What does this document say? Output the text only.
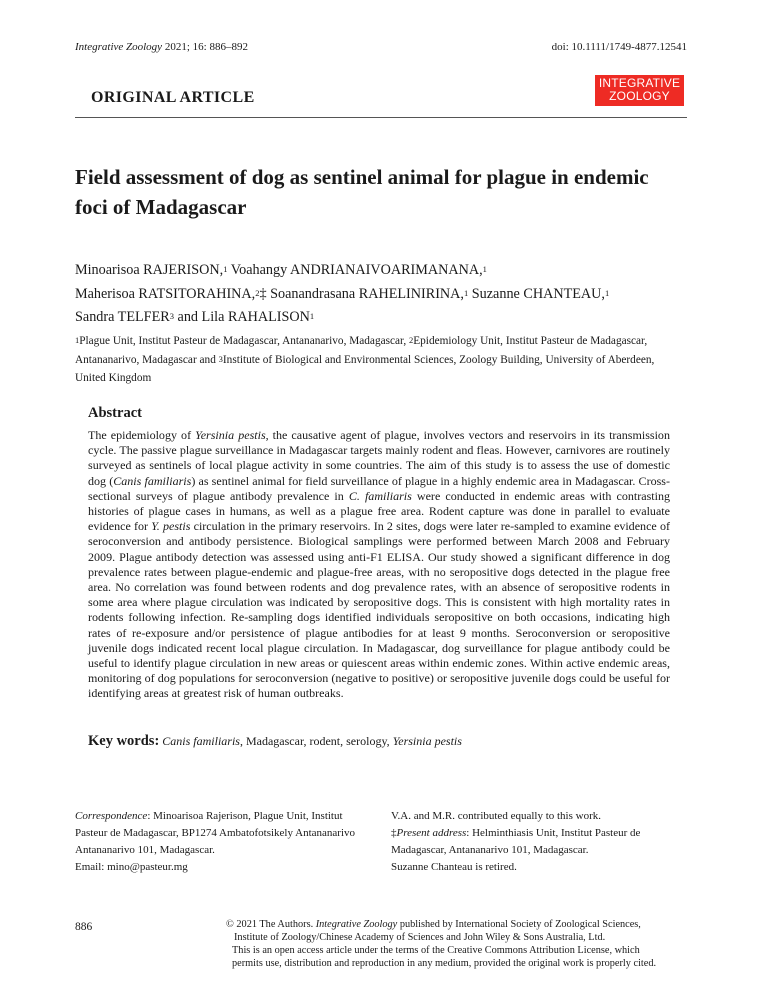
Integrative Zoology 2021; 16: 886–892	doi: 10.1111/1749-4877.12541
ORIGINAL ARTICLE
INTEGRATIVE
ZOOLOGY
Field assessment of dog as sentinel animal for plague in endemic foci of Madagascar
Minoarisoa RAJERISON,$^1$ Voahangy ANDRIANAIVOARIMANANA,$^1$
Maherisoa RATSITORAHINA,$^2$‡ Soanandrasana RAHELINIRINA,$^1$ Suzanne CHANTEAU,$^1$
Sandra TELFER$^3$ and Lila RAHALISON$^1$
$^1$Plague Unit, Institut Pasteur de Madagascar, Antananarivo, Madagascar, $^2$Epidemiology Unit, Institut Pasteur de Madagascar, Antananarivo, Madagascar and $^3$Institute of Biological and Environmental Sciences, Zoology Building, University of Aberdeen, United Kingdom
Abstract
The epidemiology of Yersinia pestis, the causative agent of plague, involves vectors and reservoirs in its transmission cycle. The passive plague surveillance in Madagascar targets mainly rodent and fleas. However, carnivores are routinely surveyed as sentinels of local plague activity in some countries. The aim of this study is to assess the use of domestic dog (Canis familiaris) as sentinel animal for field surveillance of plague in a highly endemic area in Madagascar. Cross-sectional surveys of plague antibody prevalence in C. familiaris were conducted in endemic areas with contrasting histories of plague cases in humans, as well as a plague free area. Rodent capture was done in parallel to evaluate evidence for Y. pestis circulation in the primary reservoirs. In 2 sites, dogs were later re-sampled to examine evidence of seroconversion and antibody persistence. Biological samplings were performed between March 2008 and February 2009. Plague antibody detection was assessed using anti-F1 ELISA. Our study showed a significant difference in dog prevalence rates between plague-endemic and plague-free areas, with no seropositive dogs detected in the plague free area. No correlation was found between rodents and dog prevalence rates, with an absence of seropositive rodents in some area where plague circulation was indicated by seropositive dogs. This is consistent with high mortality rates in rodents following infection. Re-sampling dogs identified individuals seropositive on both occasions, indicating high rates of re-exposure and/or persistence of plague antibodies for at least 9 months. Seroconversion or seropositive juvenile dogs indicated recent local plague circulation. In Madagascar, dog surveillance for plague antibody could be useful to identify plague circulation in new areas or quiescent areas within endemic zones. Within active endemic areas, monitoring of dog populations for seroconversion (negative to positive) or seropositive juvenile dogs could be useful for identifying areas at greatest risk of human outbreaks.
Key words: Canis familiaris, Madagascar, rodent, serology, Yersinia pestis
Correspondence: Minoarisoa Rajerison, Plague Unit, Institut
Pasteur de Madagascar, BP1274 Ambatofotsikely Antananarivo
Antananarivo 101, Madagascar.
Email: mino@pasteur.mg
V.A. and M.R. contributed equally to this work.
‡Present address: Helminthiasis Unit, Institut Pasteur de
Madagascar, Antananarivo 101, Madagascar.
Suzanne Chanteau is retired.
886	© 2021 The Authors. Integrative Zoology published by International Society of Zoological Sciences,
Institute of Zoology/Chinese Academy of Sciences and John Wiley & Sons Australia, Ltd.
This is an open access article under the terms of the Creative Commons Attribution License, which
permits use, distribution and reproduction in any medium, provided the original work is properly cited.
